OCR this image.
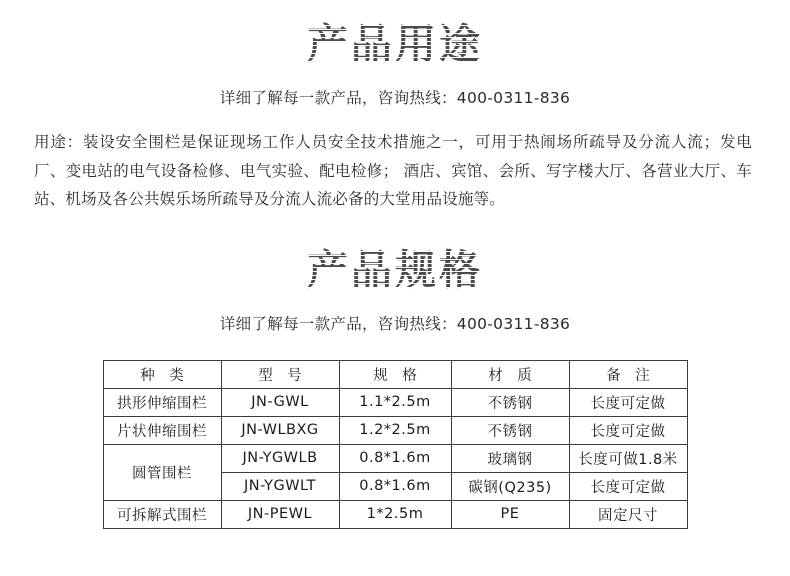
产品用途
详细了解每一款产品，咨询热线：400-0311-836
用途：装设安全围栏是保证现场工作人员安全技术措施之一，可用于热闹场所疏导及分流人流；发电厂、变电站的电气设备检修、电气实验、配电检修； 酒店、宾馆、会所、写字楼大厅、各营业大厅、车站、机场及各公共娱乐场所疏导及分流人流必备的大堂用品设施等。
产品规格
详细了解每一款产品，咨询热线：400-0311-836
种 类	型 号	规 格	材 质	备 注
拱形伸缩围栏	JN-GWL	1.1*2.5m	不锈钢	长度可定做
片状伸缩围栏	JN-WLBXG	1.2*2.5m	不锈钢	长度可定做
圆管围栏	JN-YGWLB	0.8*1.6m	玻璃钢	长度可做1.8米
	JN-YGWLT	0.8*1.6m	碳钢(Q235)	长度可定做
可拆解式围栏	JN-PEWL	1*2.5m	PE	固定尺寸
